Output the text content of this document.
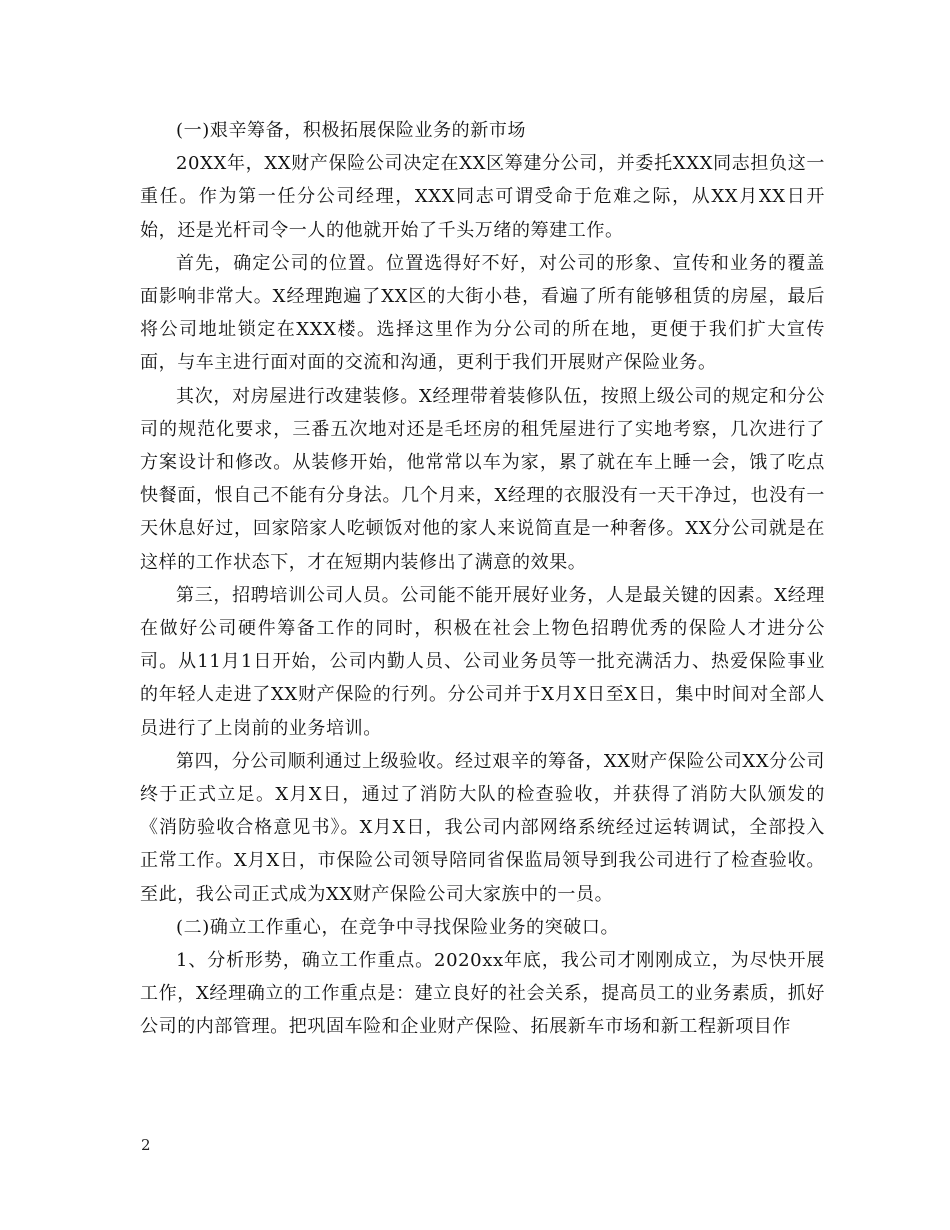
(一)艰辛筹备，积极拓展保险业务的新市场

20XX年，XX财产保险公司决定在XX区筹建分公司，并委托XXX同志担负这一重任。作为第一任分公司经理，XXX同志可谓受命于危难之际，从XX月XX日开始，还是光杆司令一人的他就开始了千头万绪的筹建工作。

首先，确定公司的位置。位置选得好不好，对公司的形象、宣传和业务的覆盖面影响非常大。X经理跑遍了XX区的大街小巷，看遍了所有能够租赁的房屋，最后将公司地址锁定在XXX楼。选择这里作为分公司的所在地，更便于我们扩大宣传面，与车主进行面对面的交流和沟通，更利于我们开展财产保险业务。

其次，对房屋进行改建装修。X经理带着装修队伍，按照上级公司的规定和分公司的规范化要求，三番五次地对还是毛坯房的租凭屋进行了实地考察，几次进行了方案设计和修改。从装修开始，他常常以车为家，累了就在车上睡一会，饿了吃点快餐面，恨自己不能有分身法。几个月来，X经理的衣服没有一天干净过，也没有一天休息好过，回家陪家人吃顿饭对他的家人来说简直是一种奢侈。XX分公司就是在这样的工作状态下，才在短期内装修出了满意的效果。

第三，招聘培训公司人员。公司能不能开展好业务，人是最关键的因素。X经理在做好公司硬件筹备工作的同时，积极在社会上物色招聘优秀的保险人才进分公司。从11月1日开始，公司内勤人员、公司业务员等一批充满活力、热爱保险事业的年轻人走进了XX财产保险的行列。分公司并于X月X日至X日，集中时间对全部人员进行了上岗前的业务培训。

第四，分公司顺利通过上级验收。经过艰辛的筹备，XX财产保险公司XX分公司终于正式立足。X月X日，通过了消防大队的检查验收，并获得了消防大队颁发的《消防验收合格意见书》。X月X日，我公司内部网络系统经过运转调试，全部投入正常工作。X月X日，市保险公司领导陪同省保监局领导到我公司进行了检查验收。至此，我公司正式成为XX财产保险公司大家族中的一员。

(二)确立工作重心，在竞争中寻找保险业务的突破口。

1、分析形势，确立工作重点。2020xx年底，我公司才刚刚成立，为尽快开展工作，X经理确立的工作重点是：建立良好的社会关系，提高员工的业务素质，抓好公司的内部管理。把巩固车险和企业财产保险、拓展新车市场和新工程新项目作

2
